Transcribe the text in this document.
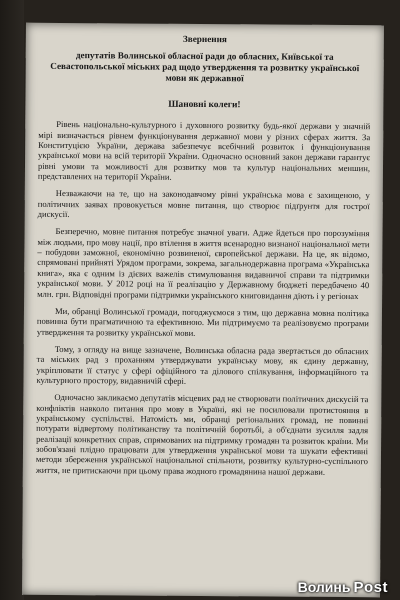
Звернення
депутатів Волинської обласної ради до обласних, Київської та Севастопольської міських рад щодо утвердження та розвитку української мови як державної
Шановні колеги!

Рівень національно-культурного і духовного розвитку будь-якої держави у значній мірі визначається рівнем функціонування державної мови у різних сферах життя. За Конституцією України, держава забезпечує всебічний розвиток і функціонування української мови на всій території України. Одночасно основний закон держави гарантує рівні умови та можливості для розвитку мов та культур національних меншин, представлених на території України.

Незважаючи на те, що на законодавчому рівні українська мова є захищеною, у політичних заявах провокується мовне питання, що створює підґрунтя для гострої дискусії.

Безперечно, мовне питання потребує значної уваги. Адже йдеться про порозуміння між людьми, про мову нації, про втілення в життя всенародно визнаної національної мети – побудови заможної, економічно розвиненої, європейської держави. На це, як відомо, спрямовані прийняті Урядом програми, зокрема, загальнодержавна програма «Українська книга», яка є одним із дієвих важелів стимулювання видавничої справи та підтримки української мови. У 2012 році на її реалізацію у Державному бюджеті передбачено 40 млн. грн. Відповідні програми підтримки українського книговидання діють і у регіонах

Ми, обранці Волинської громади, погоджуємося з тим, що державна мовна політика повинна бути прагматичною та ефективною. Ми підтримуємо та реалізовуємо програми утвердження та розвитку української мови.

Тому, з огляду на вище зазначене, Волинська обласна рада звертається до обласних та міських рад з проханням утверджувати українську мову, як єдину державну, укріплювати її статус у сфері офіційного та ділового спілкування, інформаційного та культурного простору, видавничій сфері.

Одночасно закликаємо депутатів місцевих рад не створювати політичних дискусій та конфліктів навколо питання про мову в Україні, які не посилювали протистояння в українському суспільстві. Натомість ми, обранці регіональних громад, не повинні потурати відвертому політиканству та політичній боротьбі, а об'єднати зусилля задля реалізації конкретних справ, спрямованих на підтримку громадян та розвиток країни. Ми зобов'язані плідно працювати для утвердження української мови та шукати ефективні методи збереження української національної спільноти, розвитку культурно-суспільного життя, не притискаючи при цьому права жодного громадянина нашої держави.

Волинь Post
